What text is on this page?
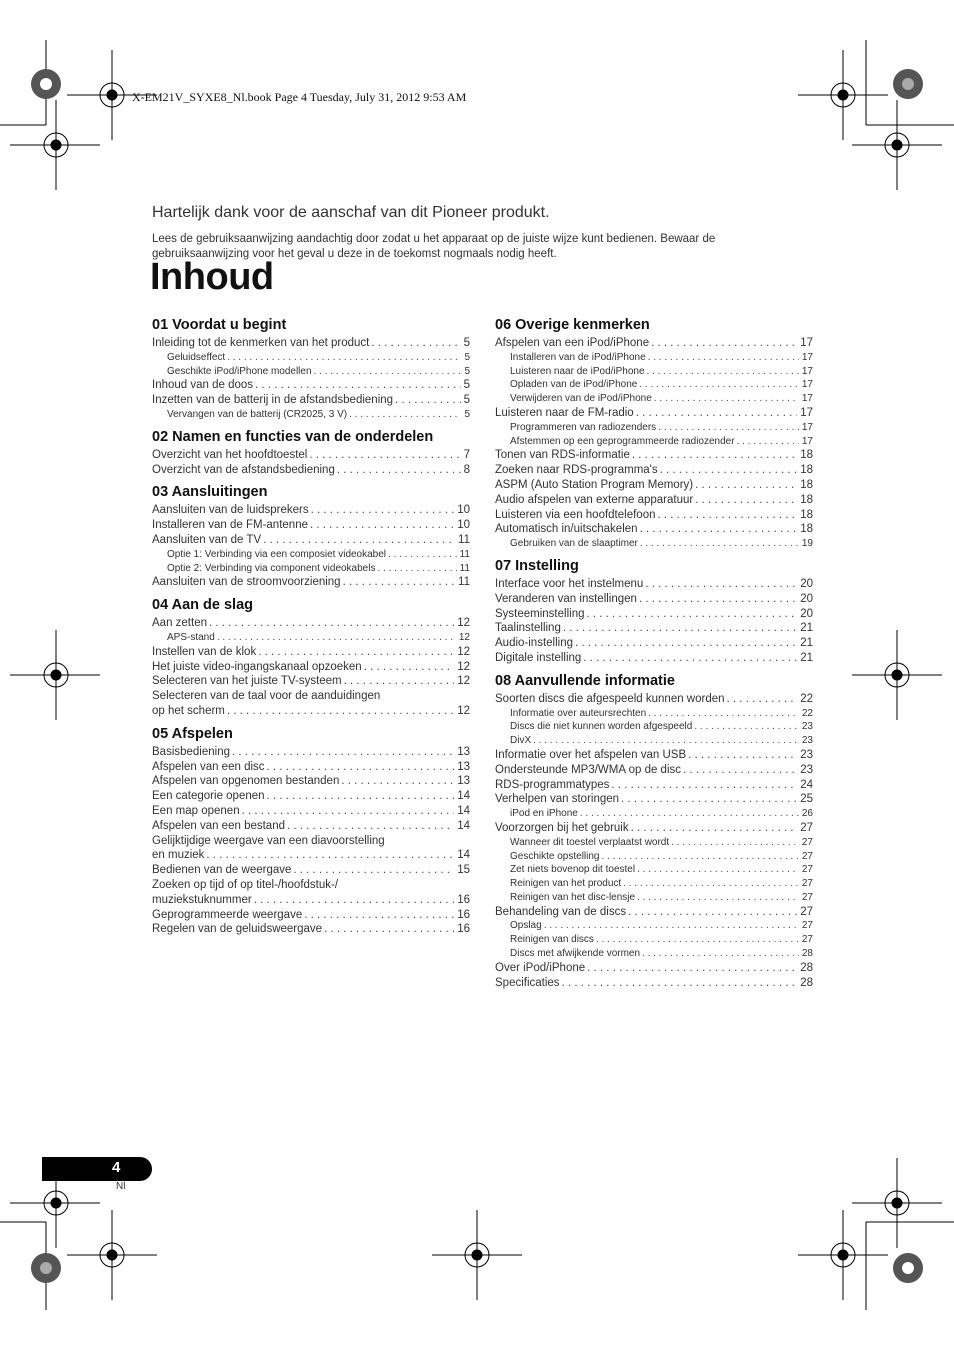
X-EM21V_SYXE8_Nl.book Page 4 Tuesday, July 31, 2012 9:53 AM
Hartelijk dank voor de aanschaf van dit Pioneer produkt.
Lees de gebruiksaanwijzing aandachtig door zodat u het apparaat op de juiste wijze kunt bedienen. Bewaar de
gebruiksaanwijzing voor het geval u deze in de toekomst nogmaals nodig heeft.
Inhoud
01 Voordat u begint
Inleiding tot de kenmerken van het product . . .	5
Geluidseffect . . .	5
Geschikte iPod/iPhone modellen . . .	5
Inhoud van de doos . . .	5
Inzetten van de batterij in de afstandsbediening . . .	5
Vervangen van de batterij (CR2025, 3 V) . . .	5
02 Namen en functies van de onderdelen
Overzicht van het hoofdtoestel . . .	7
Overzicht van de afstandsbediening . . .	8
03 Aansluitingen
Aansluiten van de luidsprekers . . .	10
Installeren van de FM-antenne . . .	10
Aansluiten van de TV . . .	11
Optie 1: Verbinding via een composiet videokabel . . .	11
Optie 2: Verbinding via component videokabels . . .	11
Aansluiten van de stroomvoorziening . . .	11
04 Aan de slag
Aan zetten . . .	12
APS-stand . . .	12
Instellen van de klok . . .	12
Het juiste video-ingangskanaal opzoeken . . .	12
Selecteren van het juiste TV-systeem . . .	12
Selecteren van de taal voor de aanduidingen
op het scherm . . .	12
05 Afspelen
Basisbediening . . .	13
Afspelen van een disc . . .	13
Afspelen van opgenomen bestanden . . .	13
Een categorie openen . . .	14
Een map openen . . .	14
Afspelen van een bestand . . .	14
Gelijktijdige weergave van een diavoorstelling
en muziek . . .	14
Bedienen van de weergave . . .	15
Zoeken op tijd of op titel-/hoofdstuk-/
muziekstuknummer . . .	16
Geprogrammeerde weergave . . .	16
Regelen van de geluidsweergave . . .	16
06 Overige kenmerken
Afspelen van een iPod/iPhone . . .	17
Installeren van de iPod/iPhone . . .	17
Luisteren naar de iPod/iPhone . . .	17
Opladen van de iPod/iPhone . . .	17
Verwijderen van de iPod/iPhone . . .	17
Luisteren naar de FM-radio . . .	17
Programmeren van radiozenders . . .	17
Afstemmen op een geprogrammeerde radiozender . . .	17
Tonen van RDS-informatie . . .	18
Zoeken naar RDS-programma's . . .	18
ASPM (Auto Station Program Memory) . . .	18
Audio afspelen van externe apparatuur . . .	18
Luisteren via een hoofdtelefoon . . .	18
Automatisch in/uitschakelen . . .	18
Gebruiken van de slaaptimer . . .	19
07 Instelling
Interface voor het instelmenu . . .	20
Veranderen van instellingen . . .	20
Systeeminstelling . . .	20
Taalinstelling . . .	21
Audio-instelling . . .	21
Digitale instelling . . .	21
08 Aanvullende informatie
Soorten discs die afgespeeld kunnen worden . . .	22
Informatie over auteursrechten . . .	22
Discs die niet kunnen worden afgespeeld . . .	23
DivX . . .	23
Informatie over het afspelen van USB . . .	23
Ondersteunde MP3/WMA op de disc . . .	23
RDS-programmatypes . . .	24
Verhelpen van storingen . . .	25
iPod en iPhone . . .	26
Voorzorgen bij het gebruik . . .	27
Wanneer dit toestel verplaatst wordt . . .	27
Geschikte opstelling . . .	27
Zet niets bovenop dit toestel . . .	27
Reinigen van het product . . .	27
Reinigen van het disc-lensje . . .	27
Behandeling van de discs . . .	27
Opslag . . .	27
Reinigen van discs . . .	27
Discs met afwijkende vormen . . .	28
Over iPod/iPhone . . .	28
Specificaties . . .	28
4
Nl
